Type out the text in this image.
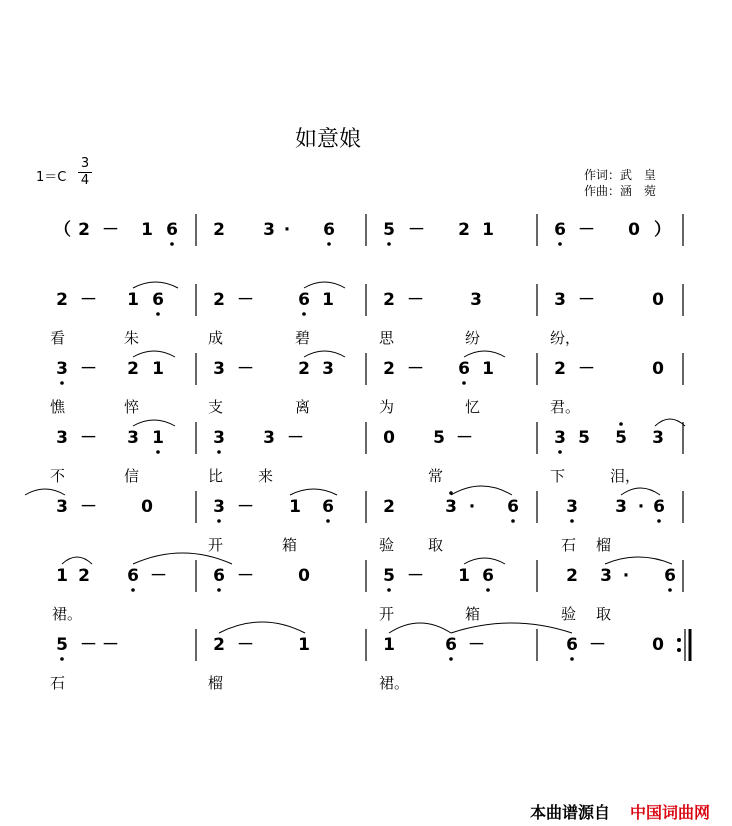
如意娘
1＝C
3
4	作词：武　皇
作曲：涵　菀
（ 2 － 1 6 2 3 · 6	5 － 2 1	6 － 0 ）
2 － 1 6	2 －	6 1	2 －	3	3 －	0
看	朱	成	碧	思	纷	纷，
3 － 2 1	3 －	2 3	2 － 6 1	2 －	0
憔	悴	支	离	为	忆	君。
3 － 3 1	3 3 －	0 5 －	3 5 5 3
不	信	比 来	常	下	泪，
3 －	0	3 － 1 6	2	3 · 6	3 3 · 6
开	箱	验 取	石 榴
1 2 6 －	6 －	0	5 － 1 6	2 3 · 6
裙。	开	箱	验 取
5 － －	2 －	1	1	6 －	6 －	0
石	榴	裙。
本曲谱源自 中国词曲网
